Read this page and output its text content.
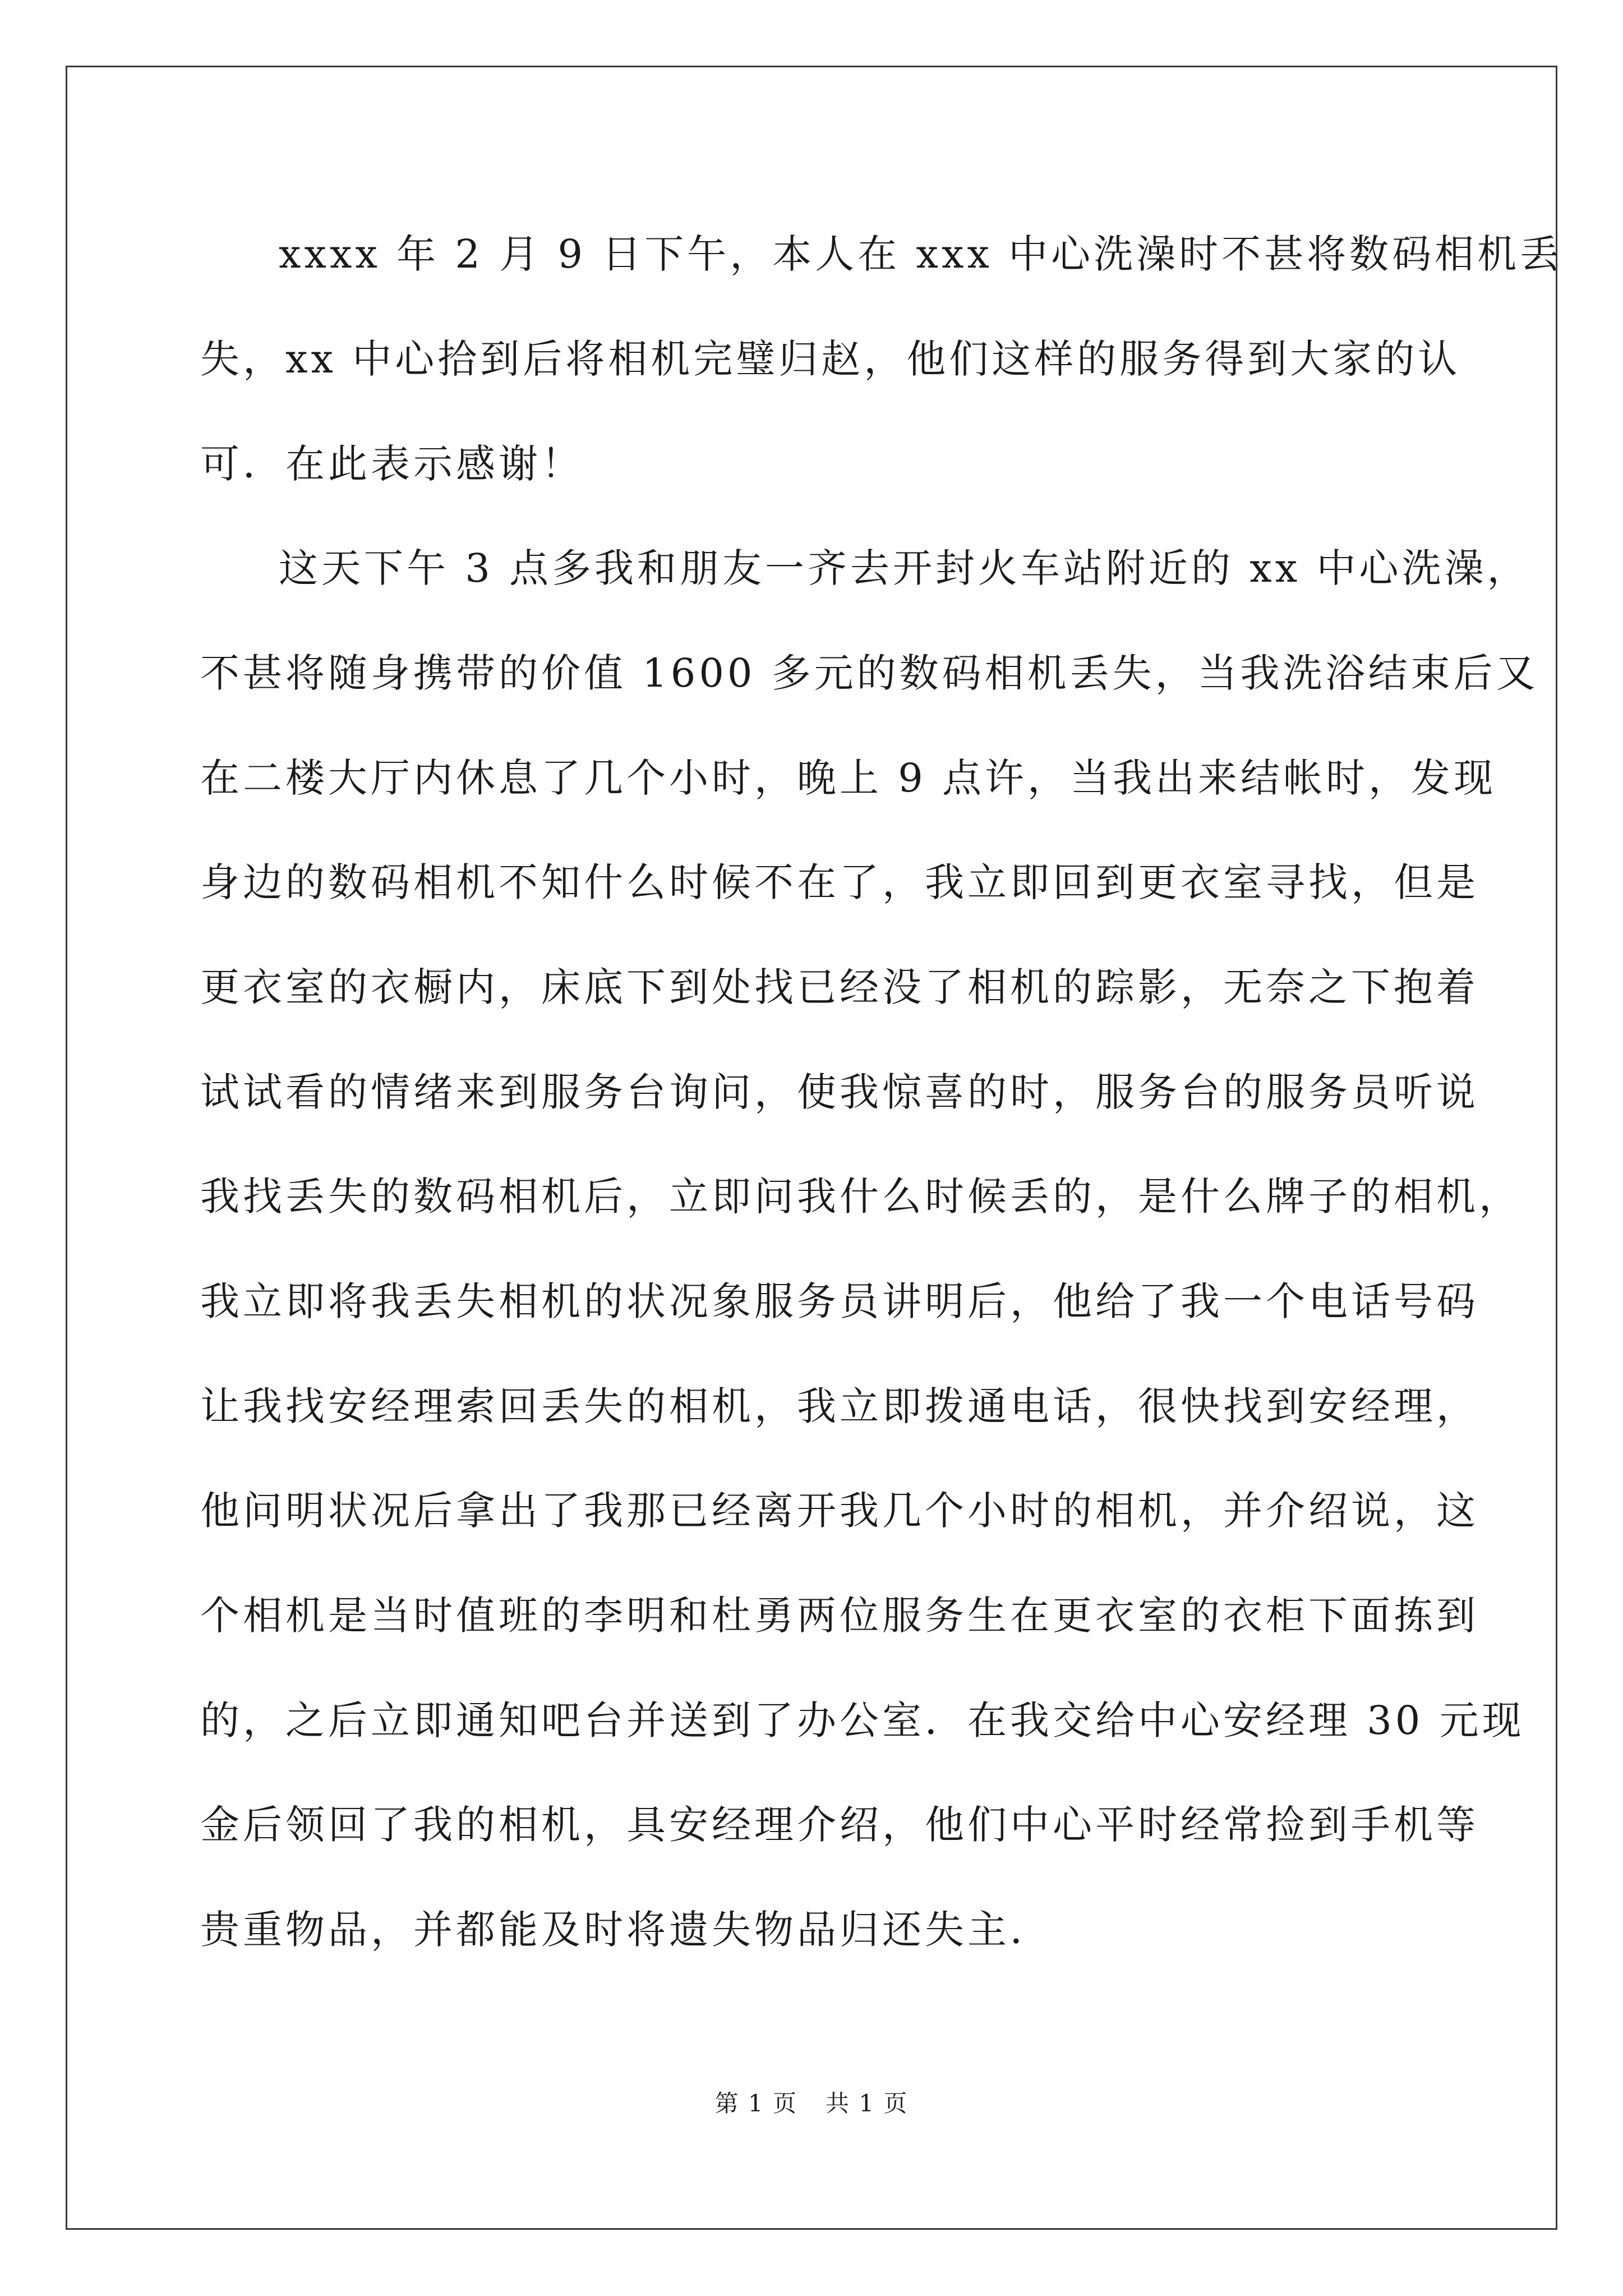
xxxx 年 2 月 9 日下午，本人在 xxx 中心洗澡时不甚将数码相机丢
失，xx 中心拾到后将相机完璧归赵，他们这样的服务得到大家的认
可．在此表示感谢！
这天下午 3 点多我和朋友一齐去开封火车站附近的 xx 中心洗澡，
不甚将随身携带的价值 1600 多元的数码相机丢失，当我洗浴结束后又
在二楼大厅内休息了几个小时，晚上 9 点许，当我出来结帐时，发现
身边的数码相机不知什么时候不在了，我立即回到更衣室寻找，但是
更衣室的衣橱内，床底下到处找已经没了相机的踪影，无奈之下抱着
试试看的情绪来到服务台询问，使我惊喜的时，服务台的服务员听说
我找丢失的数码相机后，立即问我什么时候丢的，是什么牌子的相机，
我立即将我丢失相机的状况象服务员讲明后，他给了我一个电话号码
让我找安经理索回丢失的相机，我立即拨通电话，很快找到安经理，
他问明状况后拿出了我那已经离开我几个小时的相机，并介绍说，这
个相机是当时值班的李明和杜勇两位服务生在更衣室的衣柜下面拣到
的，之后立即通知吧台并送到了办公室．在我交给中心安经理 30 元现
金后领回了我的相机，具安经理介绍，他们中心平时经常捡到手机等
贵重物品，并都能及时将遗失物品归还失主．
第 1 页 共 1 页
